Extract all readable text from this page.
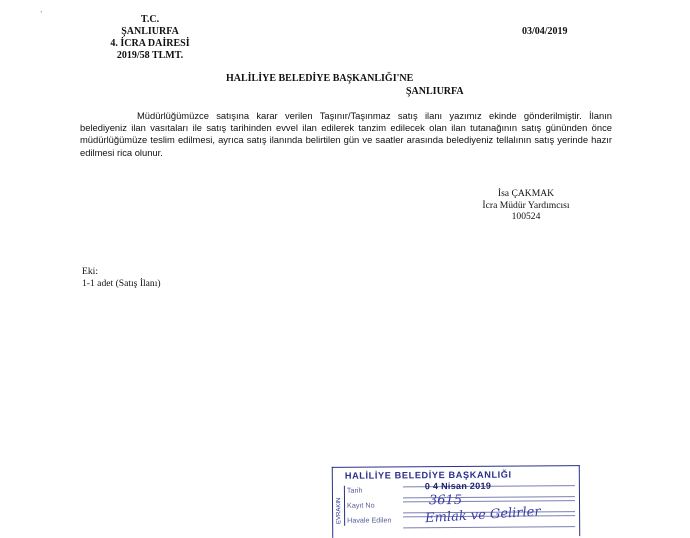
’	T.C.
ŞANLIURFA
4. İCRA DAİRESİ
2019/58 TLMT.
03/04/2019
HALİLİYE BELEDİYE BAŞKANLIĞI'NE
ŞANLIURFA
Müdürlüğümüzce satışına karar verilen Taşınır/Taşınmaz satış ilanı yazımız ekinde gönderilmiştir. İlanın belediyeniz ilan vasıtaları ile satış tarihinden evvel ilan edilerek tanzim edilecek olan ilan tutanağının satış gününden önce müdürlüğümüze teslim edilmesi, ayrıca satış ilanında belirtilen gün ve saatler arasında belediyeniz tellalının satış yerinde hazır edilmesi rica olunur.
İsa ÇAKMAK
İcra Müdür Yardımcısı
100524
Eki:
1-1 adet (Satış İlanı)
HALİLİYE BELEDİYE BAŞKANLIĞI
EVRAKIN
Tarih
Kayıt No
Havale Edilen
0 4 Nisan 2019
3615
Emlak ve Gelirler
